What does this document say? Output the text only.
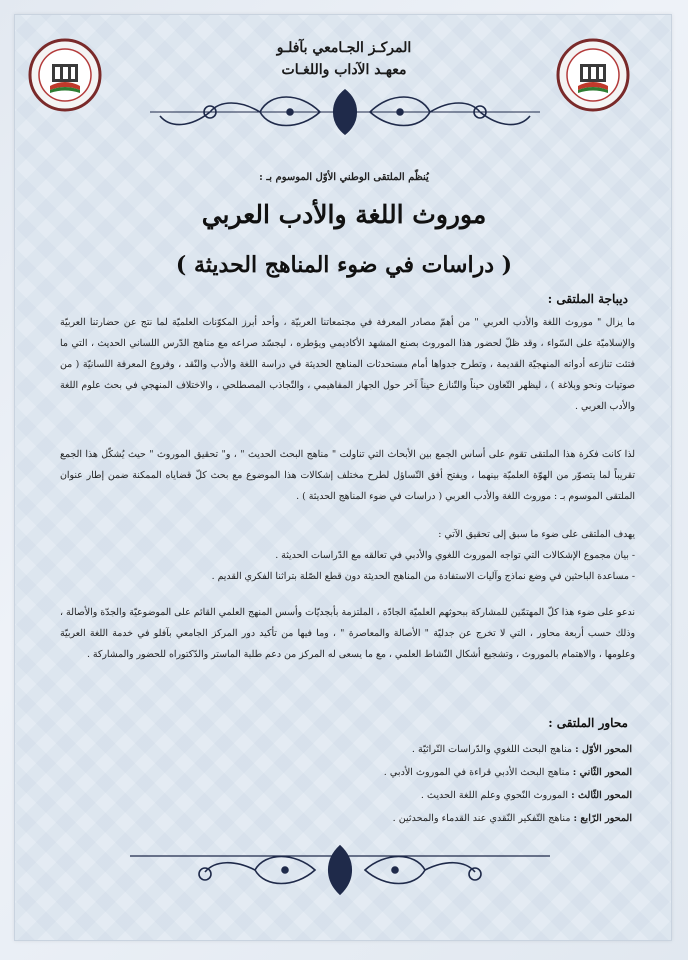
المركـز الجـامعي بآفلـو
معهـد الآداب واللغـات
يُنظّم الملتقى الوطني الأوّل الموسوم بـ :
موروث اللغة والأدب العربي
( دراسات في ضوء المناهج الحديثة )
ديباجة الملتقى :
ما يزال " موروث اللغة والأدب العربي " من أهمّ مصادر المعرفة في مجتمعاتنا العربيّة ، وأحد أبرز المكوّنات العلميّة لما نتج عن حضارتنا العربيّة والإسلاميّة على السّواء ، وقد ظلّ لحضور هذا الموروث بصنع المشهد الأكاديمي ويؤطره ، ليجسّد صراعه مع مناهج الدّرس اللساني الحديث ، التي ما فتئت تنازعه أدواته المنهجيّة القديمة ، وتطرح جدواها أمام مستحدثات المناهج الحديثة في دراسة اللغة والأدب والنّقد ، وفروع المعرفة اللسانيّة ( من صوتيات ونحو وبلاغة ) ، ليظهر التّعاون حيناً والتّنازع حيناً آخر حول الجهاز المفاهيمي ، والتّجاذب المصطلحي ، والاختلاف المنهجي في بحث علوم اللغة والأدب العربي .
لذا كانت فكرة هذا الملتقى تقوم على أساس الجمع بين الأبحاث التي تناولت " مناهج البحث الحديث " ، و" تحقيق الموروث " حيث يُشكّل هذا الجمع تقريباً لما يتصوّر من الهوّة العلميّة بينهما ، ويفتح أفق التّساؤل لطرح مختلف إشكالات هذا الموضوع مع بحث كلّ قضاياه الممكنة ضمن إطار عنوان الملتقى الموسوم بـ : موروث اللغة والأدب العربي ( دراسات في ضوء المناهج الحديثة ) .
يهدف الملتقى على ضوء ما سبق إلى تحقيق الآتي :
- بيان مجموع الإشكالات التي تواجه الموروث اللغوي والأدبي في تعالقه مع الدّراسات الحديثة .
- مساعدة الباحثين في وضع نماذج وآليات الاستفادة من المناهج الحديثة دون قطع الصّلة بتراثنا الفكري القديم .
ندعو على ضوء هذا كلّ المهتمّين للمشاركة ببحوثهم العلميّة الجادّة ، الملتزمة بأبجديّات وأسس المنهج العلمي القائم على الموضوعيّة والجدّة والأصالة ، وذلك حسب أربعة محاور ، التي لا تخرج عن جدليّة " الأصالة والمعاصرة " ، وما فيها من تأكيد دور المركز الجامعي بآفلو في خدمة اللغة العربيّة وعلومها ، والاهتمام بالموروث ، وتشجيع أشكال النّشاط العلمي ، مع ما يسعى له المركز من دعم طلبة الماستر والدّكتوراه للحضور والمشاركة .
محاور الملتقى :
المحور الأوّل : مناهج البحث اللغوي والدّراسات التّراثيّة .
المحور الثّاني : مناهج البحث الأدبي قراءة في الموروث الأدبي .
المحور الثّالث : الموروث النّحوي وعلم اللغة الحديث .
المحور الرّابع : مناهج التّفكير النّقدي عند القدماء والمحدثين .
